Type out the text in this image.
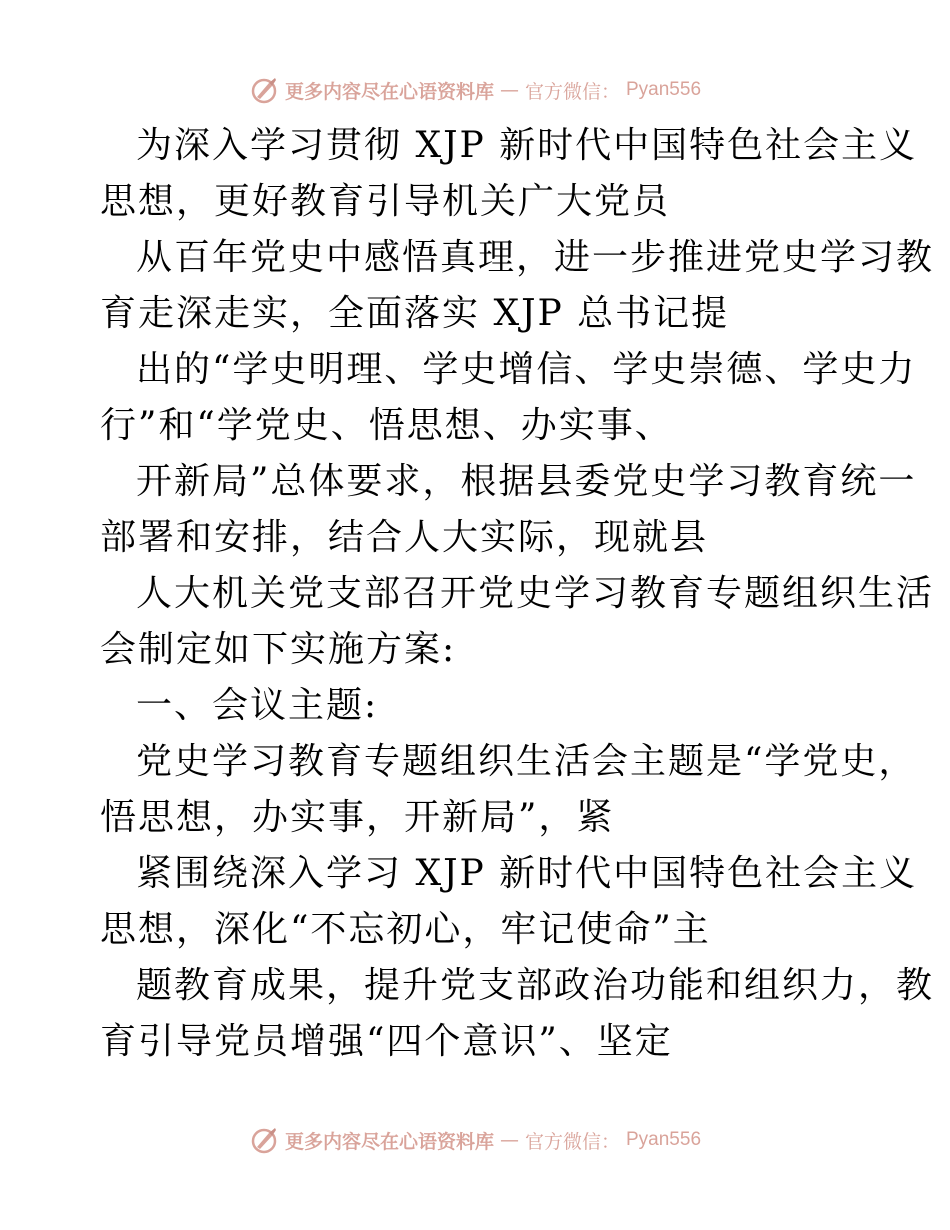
更多内容尽在心语资料库 — 官方微信： Pyan556

为深入学习贯彻 XJP 新时代中国特色社会主义

思想，更好教育引导机关广大党员

从百年党史中感悟真理，进一步推进党史学习教

育走深走实，全面落实 XJP 总书记提

出的“学史明理、学史增信、学史崇德、学史力

行”和“学党史、悟思想、办实事、

开新局”总体要求，根据县委党史学习教育统一

部署和安排，结合人大实际，现就县

人大机关党支部召开党史学习教育专题组织生活

会制定如下实施方案:

一、会议主题:

党史学习教育专题组织生活会主题是“学党史，

悟思想，办实事，开新局”，紧

紧围绕深入学习 XJP 新时代中国特色社会主义

思想，深化“不忘初心，牢记使命”主

题教育成果，提升党支部政治功能和组织力，教

育引导党员增强“四个意识”、坚定

更多内容尽在心语资料库 — 官方微信： Pyan556
